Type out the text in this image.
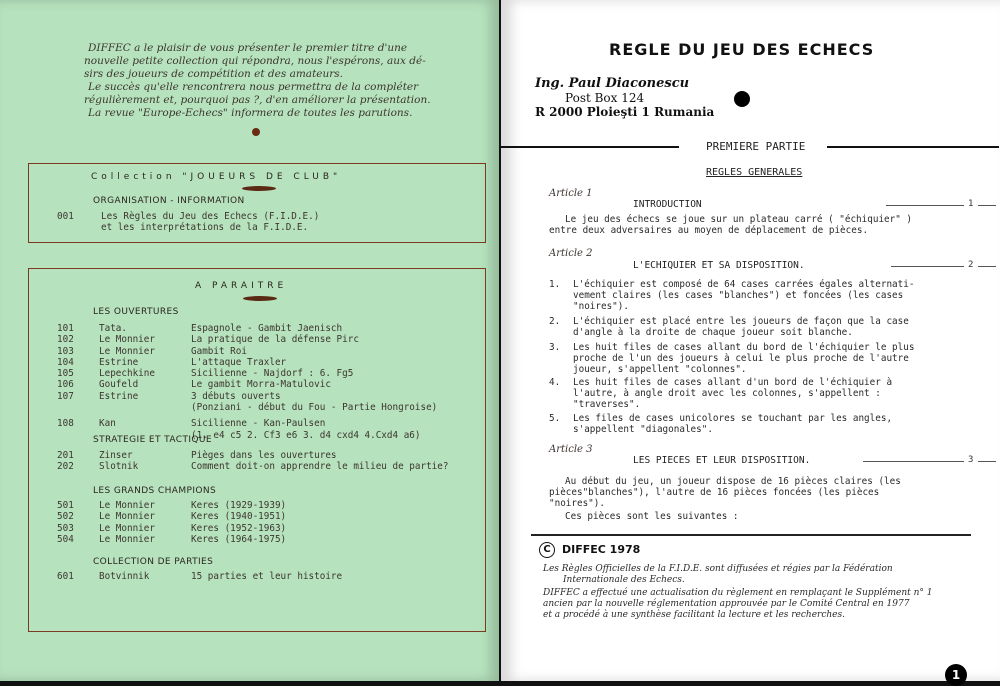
DIFFEC a le plaisir de vous présenter le premier titre d'une
nouvelle petite collection qui répondra, nous l'espérons, aux dé-
sirs des joueurs de compétition et des amateurs.
Le succès qu'elle rencontrera nous permettra de la compléter
régulièrement et, pourquoi pas ?, d'en améliorer la présentation.
La revue "Europe-Echecs" informera de toutes les parutions.
Collection "JOUEURS DE CLUB"
ORGANISATION - INFORMATION
001	Les Règles du Jeu des Echecs (F.I.D.E.)
et les interprétations de la F.I.D.E.
A PARAITRE
LES OUVERTURES
101	Tata.	Espagnole - Gambit Jaenisch
102	Le Monnier	La pratique de la défense Pirc
103	Le Monnier	Gambit Roi
104	Estrine	L'attaque Traxler
105	Lepechkine	Sicilienne - Najdorf : 6. Fg5
106	Goufeld	Le gambit Morra-Matulovic
107	Estrine	3 débuts ouverts
(Ponziani - début du Fou - Partie Hongroise)
108	Kan	Sicilienne - Kan-Paulsen
(1. e4 c5 2. Cf3 e6 3. d4 cxd4 4.Cxd4 a6)
STRATEGIE ET TACTIQUE
201	Zinser	Pièges dans les ouvertures
202	Slotnik	Comment doit-on apprendre le milieu de partie?
LES GRANDS CHAMPIONS
501	Le Monnier	Keres (1929-1939)
502	Le Monnier	Keres (1940-1951)
503	Le Monnier	Keres (1952-1963)
504	Le Monnier	Keres (1964-1975)
COLLECTION DE PARTIES
601	Botvinnik	15 parties et leur histoire
REGLE DU JEU DES ECHECS
Ing. Paul Diaconescu
Post Box 124
R 2000 Ploieşti 1 Rumania
PREMIERE PARTIE
REGLES GENERALES
Article 1
INTRODUCTION	1
Le jeu des échecs se joue sur un plateau carré ( "échiquier" )
entre deux adversaires au moyen de déplacement de pièces.
Article 2
L'ECHIQUIER ET SA DISPOSITION.	2
1. L'échiquier est composé de 64 cases carrées égales alternati-
vement claires (les cases "blanches") et foncées (les cases
"noires").
2. L'échiquier est placé entre les joueurs de façon que la case
d'angle à la droite de chaque joueur soit blanche.
3. Les huit files de cases allant du bord de l'échiquier le plus
proche de l'un des joueurs à celui le plus proche de l'autre
joueur, s'appellent "colonnes".
4. Les huit files de cases allant d'un bord de l'échiquier à
l'autre, à angle droit avec les colonnes, s'appellent :
"traverses".
5. Les files de cases unicolores se touchant par les angles,
s'appellent "diagonales".
Article 3
LES PIECES ET LEUR DISPOSITION.	3
Au début du jeu, un joueur dispose de 16 pièces claires (les
pièces"blanches"), l'autre de 16 pièces foncées (les pièces
"noires").
Ces pièces sont les suivantes :
C	DIFFEC 1978
Les Règles Officielles de la F.I.D.E. sont diffusées et régies par la Fédération
Internationale des Echecs.
DIFFEC a effectué une actualisation du règlement en remplaçant le Supplément n° 1
ancien par la nouvelle réglementation approuvée par le Comité Central en 1977
et a procédé à une synthèse facilitant la lecture et les recherches.
1
